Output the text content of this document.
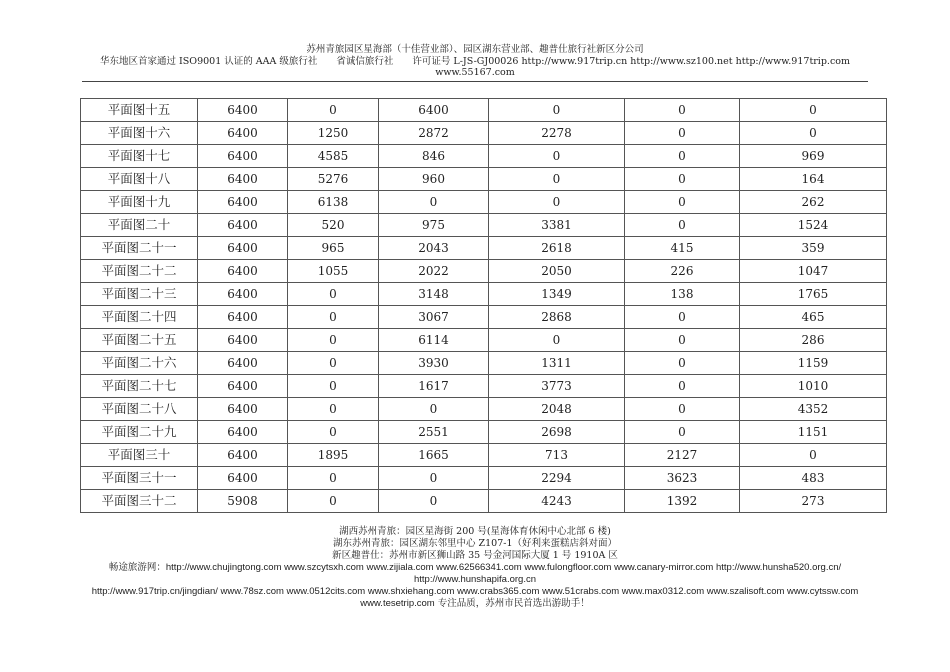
苏州青旅园区星海部（十佳营业部）、园区湖东营业部、趣普仕旅行社新区分公司
华东地区首家通过 ISO9001 认证的 AAA 级旅行社　　省诚信旅行社　　许可证号 L-JS-GJ00026 http://www.917trip.cn http://www.sz100.net http://www.917trip.com
www.55167.com
平面图十五	6400	0	6400	0	0	0
平面图十六	6400	1250	2872	2278	0	0
平面图十七	6400	4585	846	0	0	969
平面图十八	6400	5276	960	0	0	164
平面图十九	6400	6138	0	0	0	262
平面图二十	6400	520	975	3381	0	1524
平面图二十一	6400	965	2043	2618	415	359
平面图二十二	6400	1055	2022	2050	226	1047
平面图二十三	6400	0	3148	1349	138	1765
平面图二十四	6400	0	3067	2868	0	465
平面图二十五	6400	0	6114	0	0	286
平面图二十六	6400	0	3930	1311	0	1159
平面图二十七	6400	0	1617	3773	0	1010
平面图二十八	6400	0	0	2048	0	4352
平面图二十九	6400	0	2551	2698	0	1151
平面图三十	6400	1895	1665	713	2127	0
平面图三十一	6400	0	0	2294	3623	483
平面图三十二	5908	0	0	4243	1392	273
湖西苏州青旅：园区星海街 200 号(星海体育休闲中心北部 6 楼)
湖东苏州青旅：园区湖东邻里中心 Z107-1（好利来蛋糕店斜对面）
新区趣普仕：苏州市新区狮山路 35 号金河国际大厦 1 号 1910A 区
畅途旅游网：http://www.chujingtong.com www.szcytsxh.com www.zijiala.com www.62566341.com www.fulongfloor.com www.canary-mirror.com http://www.hunsha520.org.cn/
http://www.hunshapifa.org.cn
http://www.917trip.cn/jingdian/ www.78sz.com www.0512cits.com www.shxiehang.com www.crabs365.com www.51crabs.com www.max0312.com www.szalisoft.com www.cytssw.com
www.tesetrip.com 专注品质，苏州市民首选出游助手！
